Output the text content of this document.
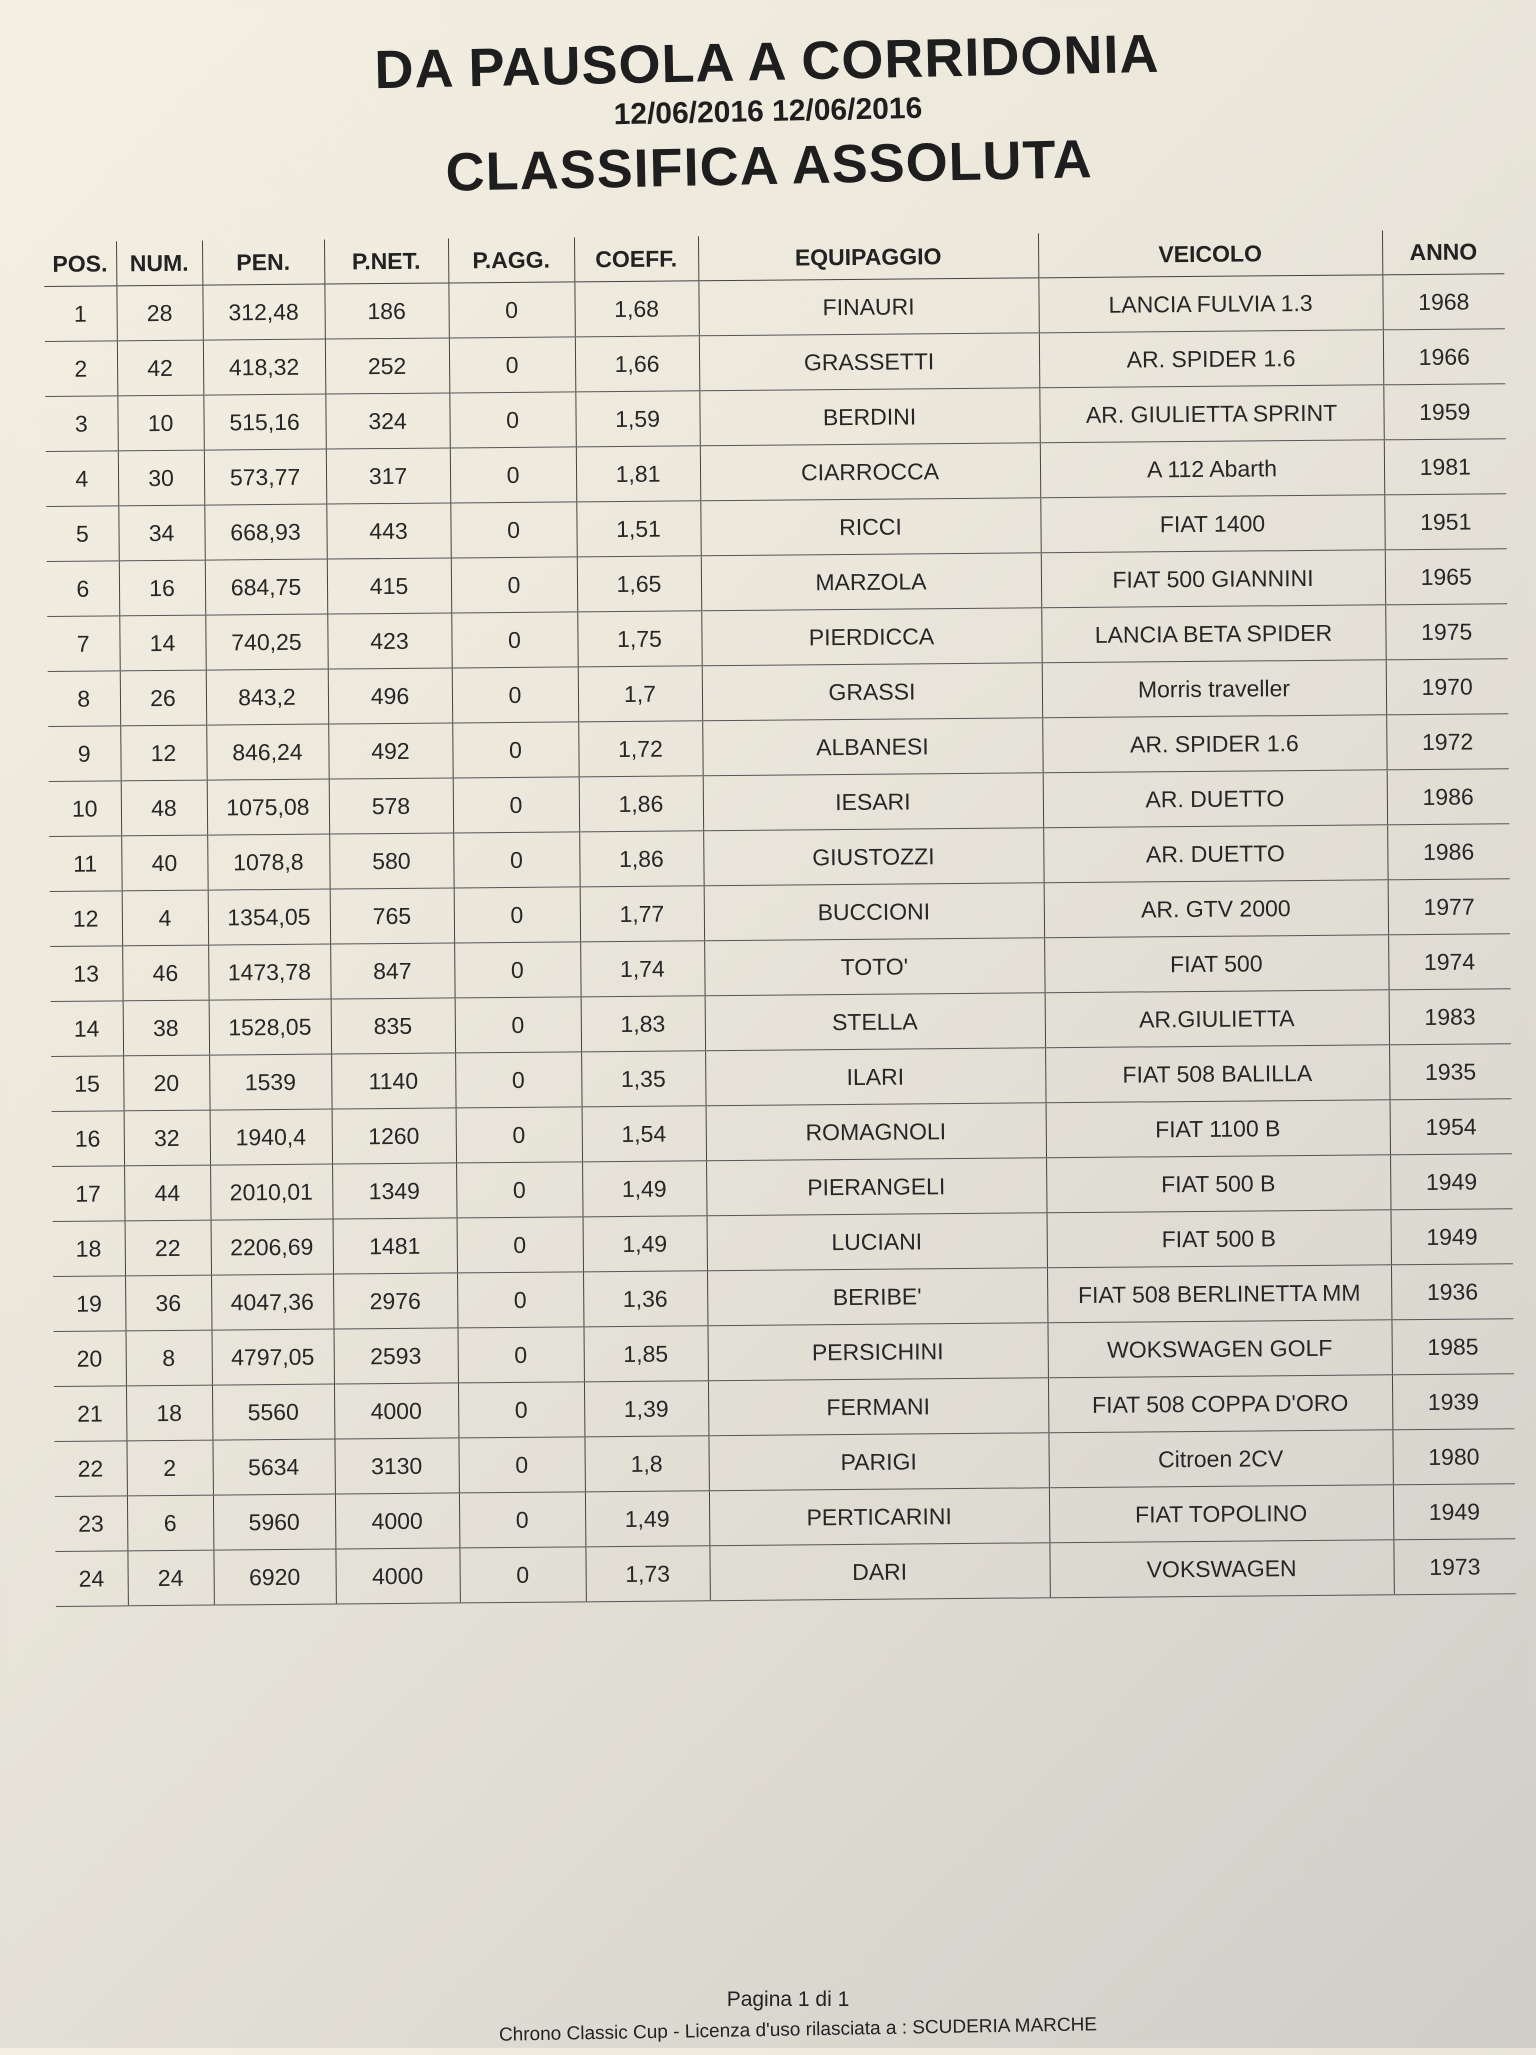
DA PAUSOLA A CORRIDONIA

12/06/2016 12/06/2016

CLASSIFICA ASSOLUTA
POS.	NUM.	PEN.	P.NET.	P.AGG.	COEFF.	EQUIPAGGIO	VEICOLO	ANNO
1	28	312,48	186	0	1,68	FINAURI	LANCIA FULVIA 1.3	1968
2	42	418,32	252	0	1,66	GRASSETTI	AR. SPIDER 1.6	1966
3	10	515,16	324	0	1,59	BERDINI	AR. GIULIETTA SPRINT	1959
4	30	573,77	317	0	1,81	CIARROCCA	A 112 Abarth	1981
5	34	668,93	443	0	1,51	RICCI	FIAT 1400	1951
6	16	684,75	415	0	1,65	MARZOLA	FIAT 500 GIANNINI	1965
7	14	740,25	423	0	1,75	PIERDICCA	LANCIA BETA SPIDER	1975
8	26	843,2	496	0	1,7	GRASSI	Morris traveller	1970
9	12	846,24	492	0	1,72	ALBANESI	AR. SPIDER 1.6	1972
10	48	1075,08	578	0	1,86	IESARI	AR. DUETTO	1986
11	40	1078,8	580	0	1,86	GIUSTOZZI	AR. DUETTO	1986
12	4	1354,05	765	0	1,77	BUCCIONI	AR. GTV 2000	1977
13	46	1473,78	847	0	1,74	TOTO'	FIAT 500	1974
14	38	1528,05	835	0	1,83	STELLA	AR.GIULIETTA	1983
15	20	1539	1140	0	1,35	ILARI	FIAT 508 BALILLA	1935
16	32	1940,4	1260	0	1,54	ROMAGNOLI	FIAT 1100 B	1954
17	44	2010,01	1349	0	1,49	PIERANGELI	FIAT 500 B	1949
18	22	2206,69	1481	0	1,49	LUCIANI	FIAT 500 B	1949
19	36	4047,36	2976	0	1,36	BERIBE'	FIAT 508 BERLINETTA MM	1936
20	8	4797,05	2593	0	1,85	PERSICHINI	WOKSWAGEN GOLF	1985
21	18	5560	4000	0	1,39	FERMANI	FIAT 508 COPPA D'ORO	1939
22	2	5634	3130	0	1,8	PARIGI	Citroen 2CV	1980
23	6	5960	4000	0	1,49	PERTICARINI	FIAT TOPOLINO	1949
24	24	6920	4000	0	1,73	DARI	VOKSWAGEN	1973
Pagina 1 di 1
Chrono Classic Cup - Licenza d'uso rilasciata a : SCUDERIA MARCHE
